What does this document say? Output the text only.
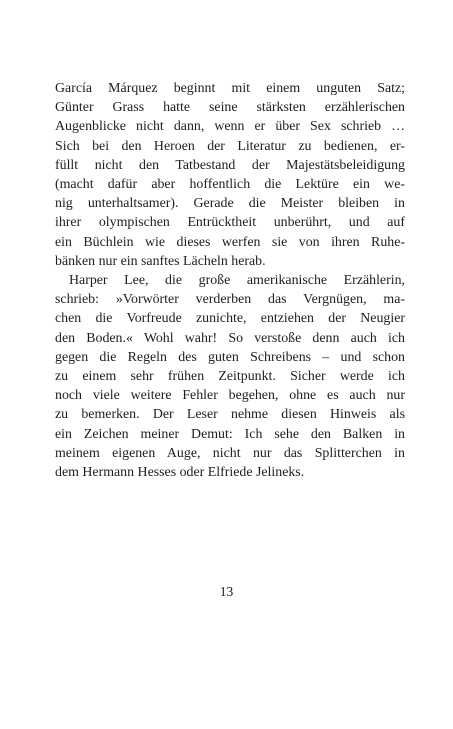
García Márquez beginnt mit einem unguten Satz;
Günter Grass hatte seine stärksten erzählerischen
Augenblicke nicht dann, wenn er über Sex schrieb …
Sich bei den Heroen der Literatur zu bedienen, er-
füllt nicht den Tatbestand der Majestätsbeleidigung
(macht dafür aber hoffentlich die Lektüre ein we-
nig unterhaltsamer). Gerade die Meister bleiben in
ihrer olympischen Entrücktheit unberührt, und auf
ein Büchlein wie dieses werfen sie von ihren Ruhe-
bänken nur ein sanftes Lächeln herab.
Harper Lee, die große amerikanische Erzählerin,
schrieb: »Vorwörter verderben das Vergnügen, ma-
chen die Vorfreude zunichte, entziehen der Neugier
den Boden.« Wohl wahr! So verstoße denn auch ich
gegen die Regeln des guten Schreibens – und schon
zu einem sehr frühen Zeitpunkt. Sicher werde ich
noch viele weitere Fehler begehen, ohne es auch nur
zu bemerken. Der Leser nehme diesen Hinweis als
ein Zeichen meiner Demut: Ich sehe den Balken in
meinem eigenen Auge, nicht nur das Splitterchen in
dem Hermann Hesses oder Elfriede Jelineks.
13
